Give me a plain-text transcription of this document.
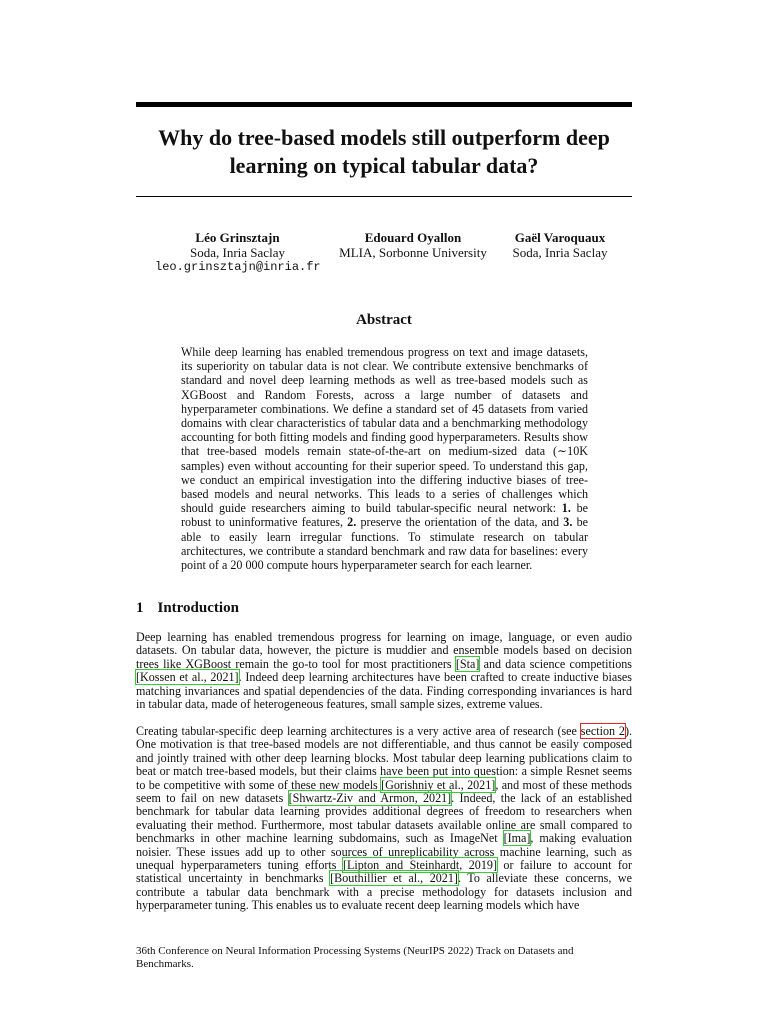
Why do tree-based models still outperform deep learning on typical tabular data?
Léo Grinsztajn
Soda, Inria Saclay
leo.grinsztajn@inria.fr
Edouard Oyallon
MLIA, Sorbonne University
Gaël Varoquaux
Soda, Inria Saclay
Abstract
While deep learning has enabled tremendous progress on text and image datasets, its superiority on tabular data is not clear. We contribute extensive benchmarks of standard and novel deep learning methods as well as tree-based models such as XGBoost and Random Forests, across a large number of datasets and hyperparameter combinations. We define a standard set of 45 datasets from varied domains with clear characteristics of tabular data and a benchmarking methodology accounting for both fitting models and finding good hyperparameters. Results show that tree-based models remain state-of-the-art on medium-sized data (∼10K samples) even without accounting for their superior speed. To understand this gap, we conduct an empirical investigation into the differing inductive biases of tree-based models and neural networks. This leads to a series of challenges which should guide researchers aiming to build tabular-specific neural network: 1. be robust to uninformative features, 2. preserve the orientation of the data, and 3. be able to easily learn irregular functions. To stimulate research on tabular architectures, we contribute a standard benchmark and raw data for baselines: every point of a 20 000 compute hours hyperparameter search for each learner.
1 Introduction
Deep learning has enabled tremendous progress for learning on image, language, or even audio datasets. On tabular data, however, the picture is muddier and ensemble models based on decision trees like XGBoost remain the go-to tool for most practitioners [Sta] and data science competitions [Kossen et al., 2021]. Indeed deep learning architectures have been crafted to create inductive biases matching invariances and spatial dependencies of the data. Finding corresponding invariances is hard in tabular data, made of heterogeneous features, small sample sizes, extreme values.
Creating tabular-specific deep learning architectures is a very active area of research (see section 2). One motivation is that tree-based models are not differentiable, and thus cannot be easily composed and jointly trained with other deep learning blocks. Most tabular deep learning publications claim to beat or match tree-based models, but their claims have been put into question: a simple Resnet seems to be competitive with some of these new models [Gorishniy et al., 2021], and most of these methods seem to fail on new datasets [Shwartz-Ziv and Armon, 2021]. Indeed, the lack of an established benchmark for tabular data learning provides additional degrees of freedom to researchers when evaluating their method. Furthermore, most tabular datasets available online are small compared to benchmarks in other machine learning subdomains, such as ImageNet [Ima], making evaluation noisier. These issues add up to other sources of unreplicability across machine learning, such as unequal hyperparameters tuning efforts [Lipton and Steinhardt, 2019] or failure to account for statistical uncertainty in benchmarks [Bouthillier et al., 2021]. To alleviate these concerns, we contribute a tabular data benchmark with a precise methodology for datasets inclusion and hyperparameter tuning. This enables us to evaluate recent deep learning models which have
36th Conference on Neural Information Processing Systems (NeurIPS 2022) Track on Datasets and Benchmarks.
